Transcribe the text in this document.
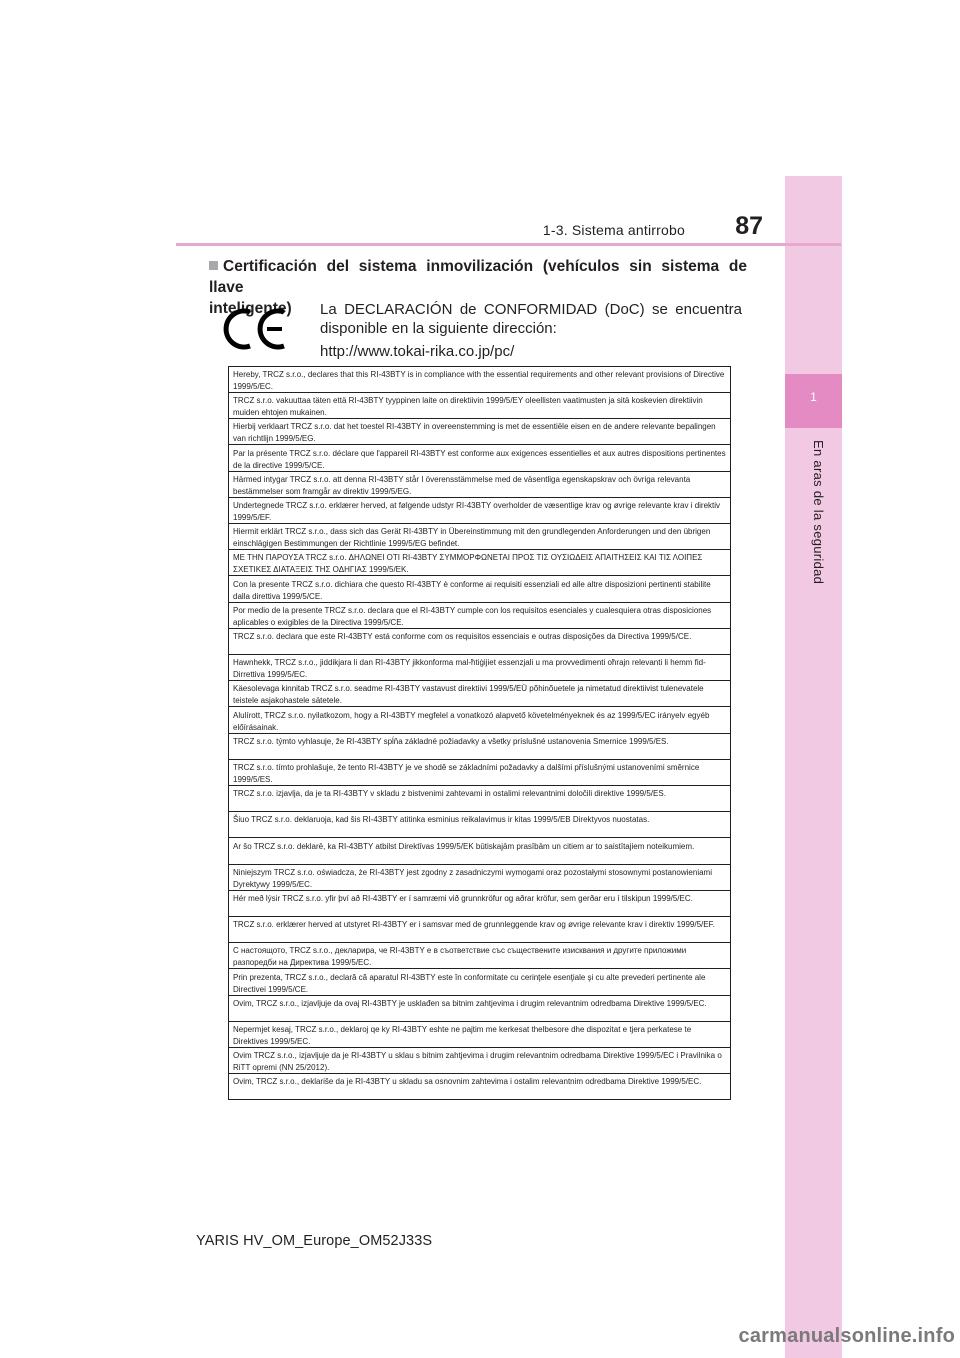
1
En aras de la seguridad
1-3. Sistema antirrobo	87
Certificación del sistema inmovilización (vehículos sin sistema de llave
inteligente)	La DECLARACIÓN de CONFORMIDAD (DoC) se encuentra
disponible en la siguiente dirección:
http://www.tokai-rika.co.jp/pc/
Hereby, TRCZ s.r.o., declares that this RI-43BTY is in compliance with the essential requirements and other relevant provisions of Directive 1999/5/EC.
TRCZ s.r.o. vakuuttaa täten että RI-43BTY tyyppinen laite on direktiivin 1999/5/EY oleellisten vaatimusten ja sitä koskevien direktiivin muiden ehtojen mukainen.
Hierbij verklaart TRCZ s.r.o. dat het toestel RI-43BTY in overeenstemming is met de essentiële eisen en de andere relevante bepalingen van richtlijn 1999/5/EG.
Par la présente TRCZ s.r.o. déclare que l'appareil RI-43BTY est conforme aux exigences essentielles et aux autres dispositions pertinentes de la directive 1999/5/CE.
Härmed intygar TRCZ s.r.o. att denna RI-43BTY står I överensstämmelse med de väsentliga egenskapskrav och övriga relevanta bestämmelser som framgår av direktiv 1999/5/EG.
Undertegnede TRCZ s.r.o. erklærer herved, at følgende udstyr RI-43BTY overholder de væsentlige krav og øvrige relevante krav i direktiv 1999/5/EF.
Hiermit erklärt TRCZ s.r.o., dass sich das Gerät RI-43BTY in Übereinstimmung mit den grundlegenden Anforderungen und den übrigen einschlägigen Bestimmungen der Richtlinie 1999/5/EG befindet.
ΜΕ ΤΗΝ ΠΑΡΟΥΣΑ TRCZ s.r.o. ΔΗΛΩΝΕΙ ΟΤΙ RI-43BTY ΣΥΜΜΟΡΦΩΝΕΤΑΙ ΠΡΟΣ ΤΙΣ ΟΥΣΙΩΔΕΙΣ ΑΠΑΙΤΗΣΕΙΣ ΚΑΙ ΤΙΣ ΛΟΙΠΕΣ ΣΧΕΤΙΚΕΣ ΔΙΑΤΑΞΕΙΣ ΤΗΣ ΟΔΗΓΙΑΣ 1999/5/ΕΚ.
Con la presente TRCZ s.r.o. dichiara che questo RI-43BTY è conforme ai requisiti essenziali ed alle altre disposizioni pertinenti stabilite dalla direttiva 1999/5/CE.
Por medio de la presente TRCZ s.r.o. declara que el RI-43BTY cumple con los requisitos esenciales y cualesquiera otras disposiciones aplicables o exigibles de la Directiva 1999/5/CE.
TRCZ s.r.o. declara que este RI-43BTY está conforme com os requisitos essenciais e outras disposições da Directiva 1999/5/CE.
Hawnhekk, TRCZ s.r.o., jiddikjara li dan RI-43BTY jikkonforma mal-ħtiġijiet essenzjali u ma provvedimenti oħrajn relevanti li hemm fid-Dirrettiva 1999/5/EC.
Käesolevaga kinnitab TRCZ s.r.o. seadme RI-43BTY vastavust direktiivi 1999/5/EÜ põhinõuetele ja nimetatud direktiivist tulenevatele teistele asjakohastele sätetele.
Alulírott, TRCZ s.r.o. nyilatkozom, hogy a RI-43BTY megfelel a vonatkozó alapvető követelményeknek és az 1999/5/EC irányelv egyéb előírásainak.
TRCZ s.r.o. týmto vyhlasuje, že RI-43BTY spĺňa základné požiadavky a všetky príslušné ustanovenia Smernice 1999/5/ES.
TRCZ s.r.o. tímto prohlašuje, že tento RI-43BTY je ve shodě se základními požadavky a dalšími příslušnými ustanoveními směrnice 1999/5/ES.
TRCZ s.r.o. izjavlja, da je ta RI-43BTY v skladu z bistvenimi zahtevami in ostalimi relevantnimi določili direktive 1999/5/ES.
Šiuo TRCZ s.r.o. deklaruoja, kad šis RI-43BTY atitinka esminius reikalavimus ir kitas 1999/5/EB Direktyvos nuostatas.
Ar šo TRCZ s.r.o. deklarē, ka RI-43BTY atbilst Direktīvas 1999/5/EK būtiskajām prasībām un citiem ar to saistītajiem noteikumiem.
Niniejszym TRCZ s.r.o. oświadcza, że RI-43BTY jest zgodny z zasadniczymi wymogami oraz pozostałymi stosownymi postanowieniami Dyrektywy 1999/5/EC.
Hér með lýsir TRCZ s.r.o. yfir því að RI-43BTY er í samræmi við grunnkröfur og aðrar kröfur, sem gerðar eru í tilskipun 1999/5/EC.
TRCZ s.r.o. erklærer herved at utstyret RI-43BTY er i samsvar med de grunnleggende krav og øvrige relevante krav i direktiv 1999/5/EF.
С настоящото, TRCZ s.r.o., декларира, че RI-43BTY е в съответствие със съществените изисквания и другите приложими разпоредби на Директива 1999/5/ЕС.
Prin prezenta, TRCZ s.r.o., declară că aparatul RI-43BTY este în conformitate cu cerinţele esenţiale şi cu alte prevederi pertinente ale Directivei 1999/5/CE.
Ovim, TRCZ s.r.o., izjavljuje da ovaj RI-43BTY je usklađen sa bitnim zahtjevima i drugim relevantnim odredbama Direktive 1999/5/EC.
Nepermjet kesaj, TRCZ s.r.o., deklaroj qe ky RI-43BTY eshte ne pajtim me kerkesat thelbesore dhe dispozitat e tjera perkatese te Direktives 1999/5/EC.
Ovim TRCZ s.r.o., izjavljuje da je RI-43BTY u sklau s bitnim zahtjevima i drugim relevantnim odredbama Direktive 1999/5/EC i Pravilnika o RiTT opremi (NN 25/2012).
Ovim, TRCZ s.r.o., deklariše da je RI-43BTY u skladu sa osnovnim zahtevima i ostalim relevantnim odredbama Direktive 1999/5/EC.
YARIS HV_OM_Europe_OM52J33S
carmanualsonline.info
